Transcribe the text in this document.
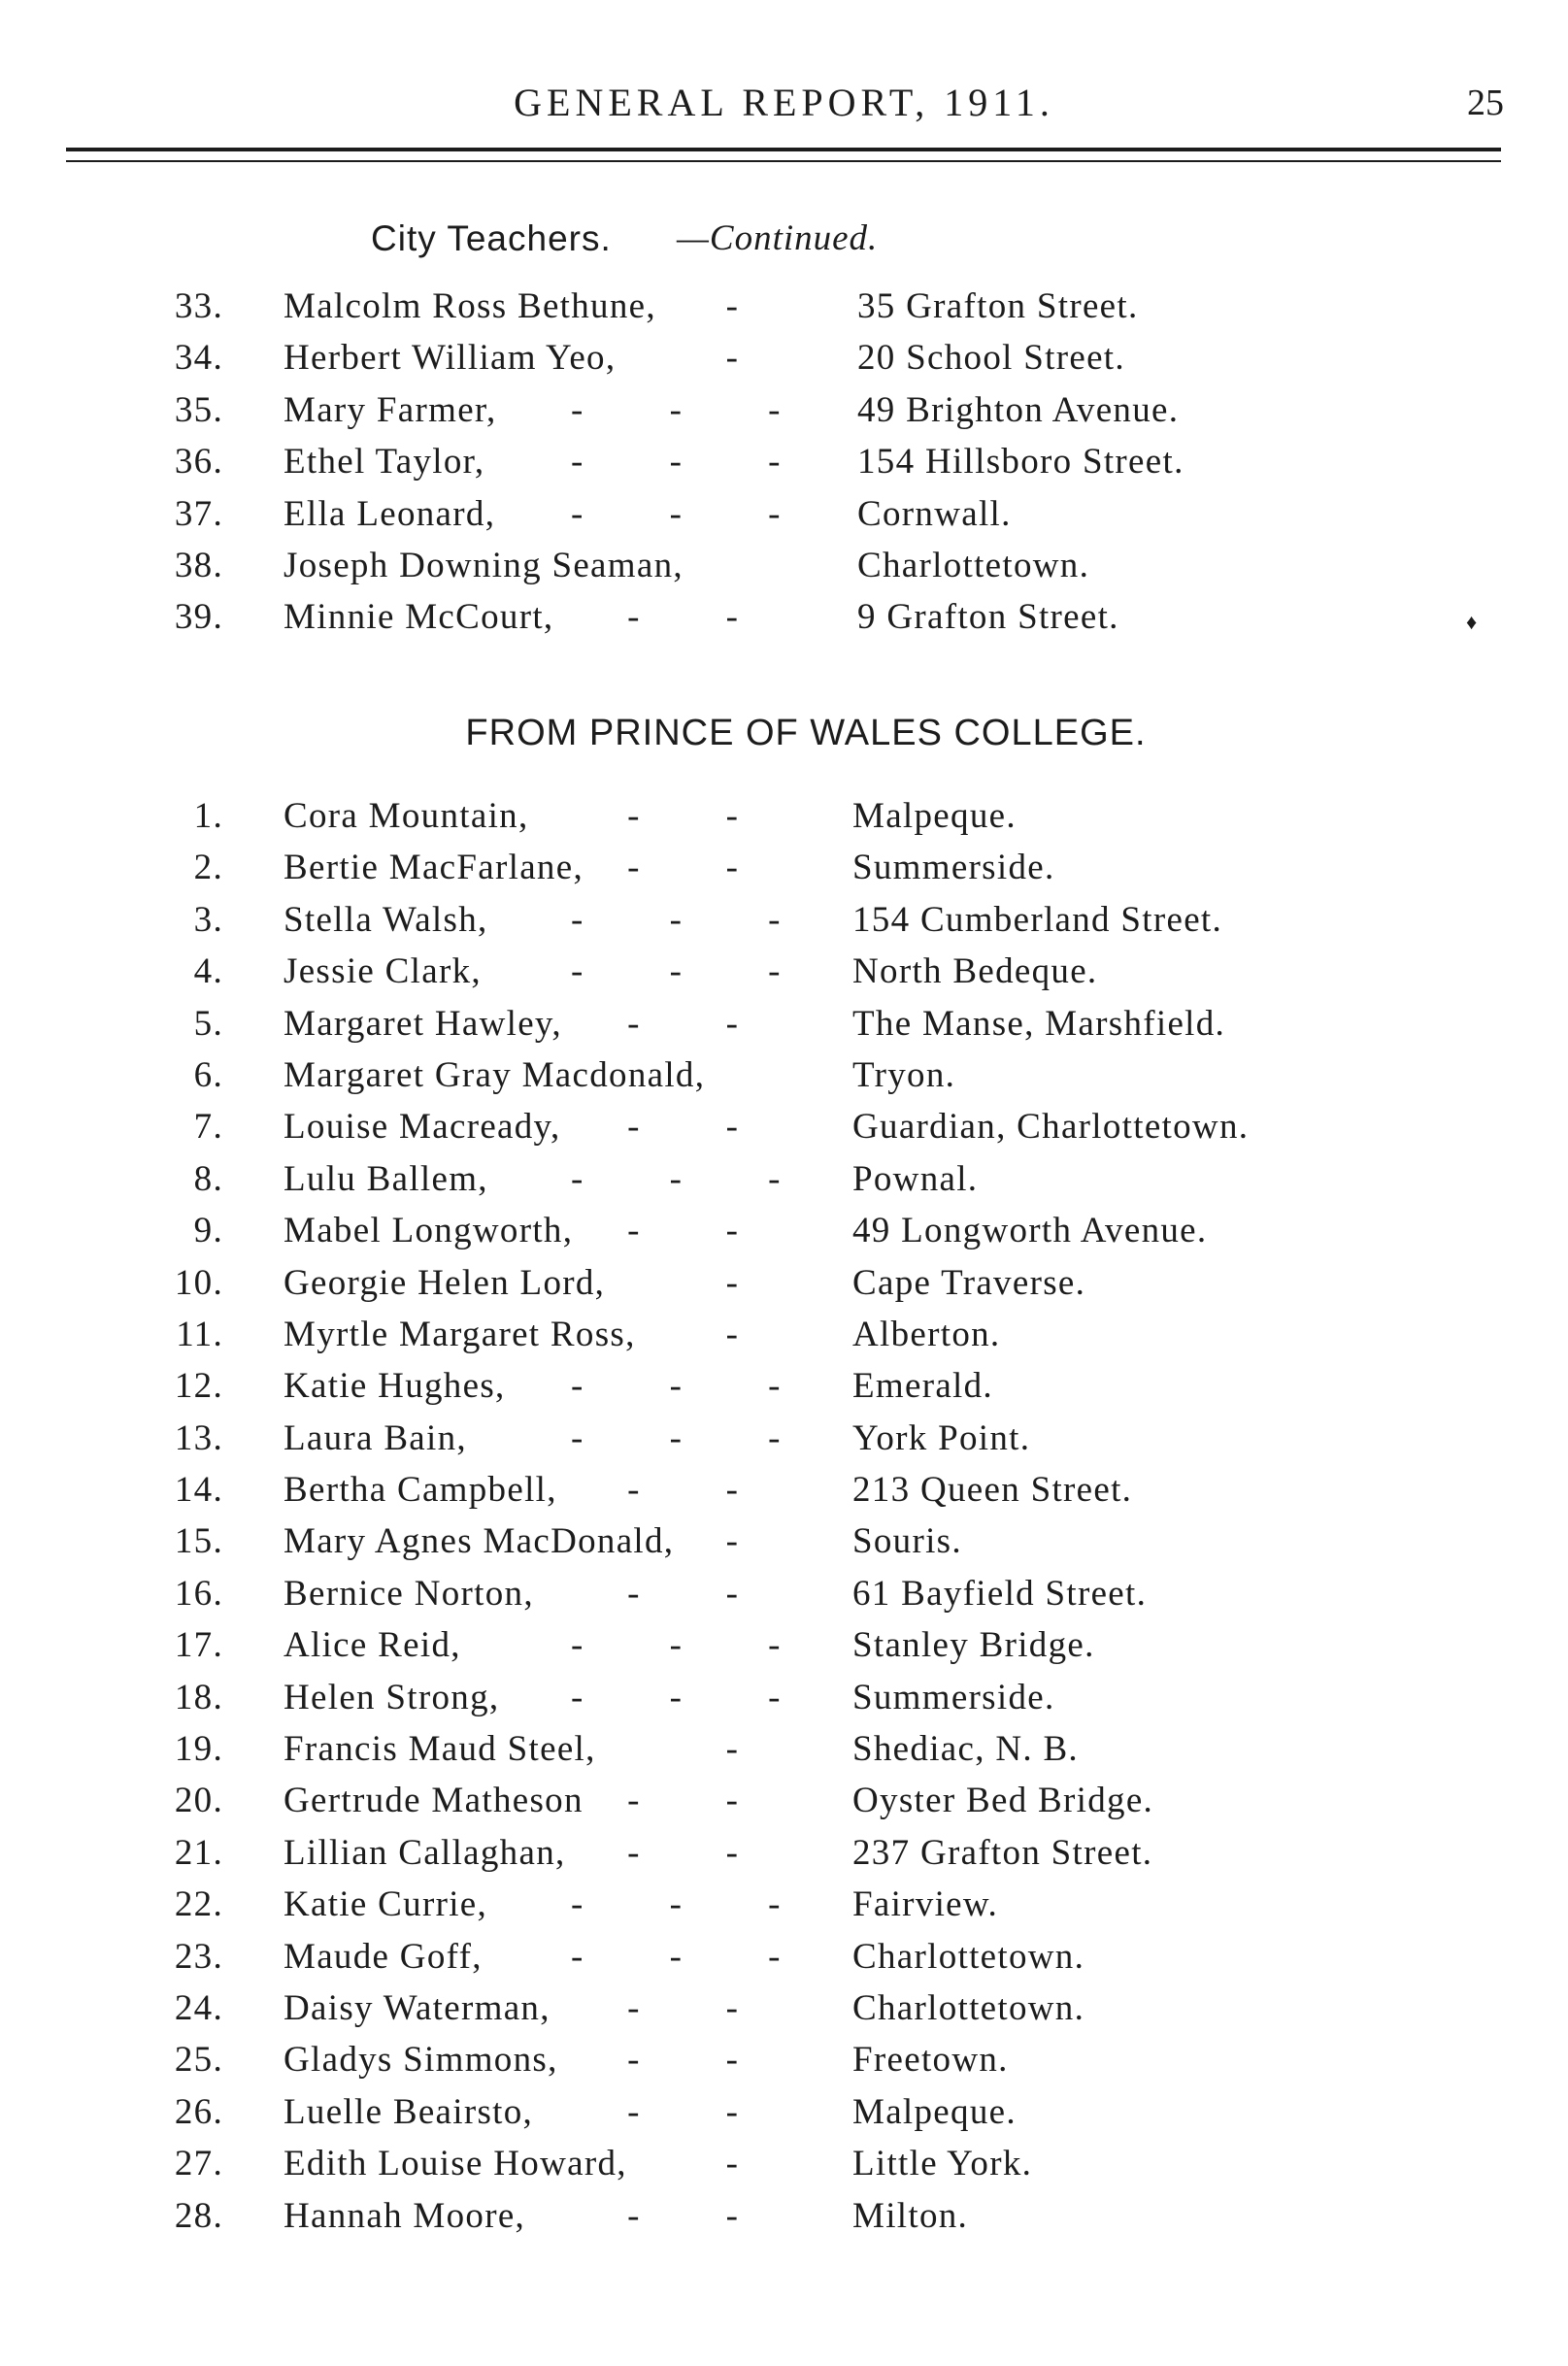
GENERAL REPORT, 1911.	25
City Teachers. —Continued.
33. Malcolm Ross Bethune,	- 35 Grafton Street.
34. Herbert William Yeo,	- 20 School Street.
35. Mary Farmer, - - - 49 Brighton Avenue.
36. Ethel Taylor, - - - 154 Hillsboro Street.
37. Ella Leonard, - - - Cornwall.
38. Joseph Downing Seaman,	Charlottetown.
39. Minnie McCourt,	- - 9 Grafton Street.	♦
FROM PRINCE OF WALES COLLEGE.
1. Cora Mountain,	- - Malpeque.
2. Bertie MacFarlane,	- - Summerside.
3. Stella Walsh, - - - 154 Cumberland Street.
4. Jessie Clark, - - - North Bedeque.
5. Margaret Hawley,	- - The Manse, Marshfield.
6. Margaret Gray Macdonald,	Tryon.
7. Louise Macready,	- - Guardian, Charlottetown.
8. Lulu Ballem, - - - Pownal.
9. Mabel Longworth,	- - 49 Longworth Avenue.
10. Georgie Helen Lord,	- Cape Traverse.
11. Myrtle Margaret Ross,	- Alberton.
12. Katie Hughes, - - - Emerald.
13. Laura Bain,	- - - York Point.
14. Bertha Campbell,	- - 213 Queen Street.
15. Mary Agnes MacDonald,	- Souris.
16. Bernice Norton,	- - 61 Bayfield Street.
17. Alice Reid,	- - - Stanley Bridge.
18. Helen Strong, - - - Summerside.
19. Francis Maud Steel,	- Shediac, N. B.
20. Gertrude Matheson	- - Oyster Bed Bridge.
21. Lillian Callaghan,	- - 237 Grafton Street.
22. Katie Currie, - - - Fairview.
23. Maude Goff, - - - Charlottetown.
24. Daisy Waterman,	- - Charlottetown.
25. Gladys Simmons,	- - Freetown.
26. Luelle Beairsto,	- - Malpeque.
27. Edith Louise Howard,	- Little York.
28. Hannah Moore,	- - Milton.
